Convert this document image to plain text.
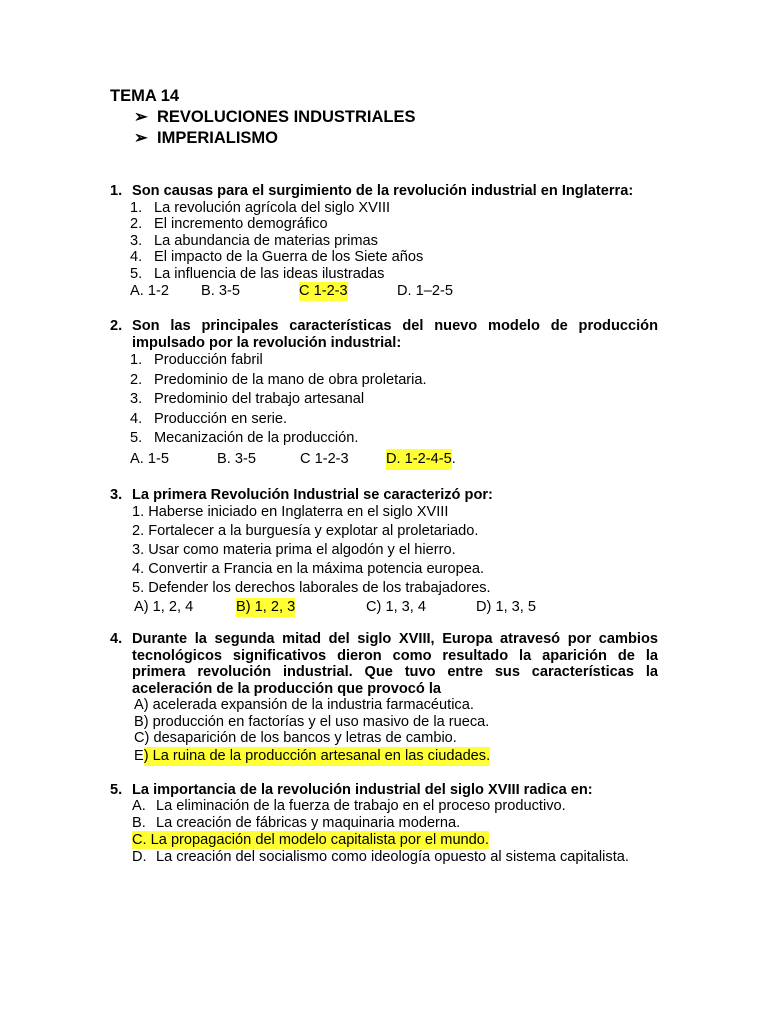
TEMA 14

➢ REVOLUCIONES INDUSTRIALES
➢ IMPERIALISMO
1. Son causas para el surgimiento de la revolución industrial en Inglaterra:
1. La revolución agrícola del siglo XVIII
2. El incremento demográfico
3. La abundancia de materias primas
4. El impacto de la Guerra de los Siete años
5. La influencia de las ideas ilustradas
A. 1-2	B. 3-5	C 1-2-3	D. 1–2-5
2. Son las principales características del nuevo modelo de producción impulsado por la revolución industrial:
1. Producción fabril
2. Predominio de la mano de obra proletaria.
3. Predominio del trabajo artesanal
4. Producción en serie.
5. Mecanización de la producción.
A. 1-5	B. 3-5	C 1-2-3	D. 1-2-4-5.
3. La primera Revolución Industrial se caracterizó por:
1. Haberse iniciado en Inglaterra en el siglo XVIII
2. Fortalecer a la burguesía y explotar al proletariado.
3. Usar como materia prima el algodón y el hierro.
4. Convertir a Francia en la máxima potencia europea.
5. Defender los derechos laborales de los trabajadores.
A) 1, 2, 4	B) 1, 2, 3	C) 1, 3, 4	D) 1, 3, 5
4. Durante la segunda mitad del siglo XVIII, Europa atravesó por cambios tecnológicos significativos dieron como resultado la aparición de la primera revolución industrial. Que tuvo entre sus características la aceleración de la producción que provocó la
A) acelerada expansión de la industria farmacéutica.
B) producción en factorías y el uso masivo de la rueca.
C) desaparición de los bancos y letras de cambio.
E ) La ruina de la producción artesanal en las ciudades.
5. La importancia de la revolución industrial del siglo XVIII radica en:
A. La eliminación de la fuerza de trabajo en el proceso productivo.
B. La creación de fábricas y maquinaria moderna.
C. La propagación del modelo capitalista por el mundo.
D. La creación del socialismo como ideología opuesto al sistema capitalista.
